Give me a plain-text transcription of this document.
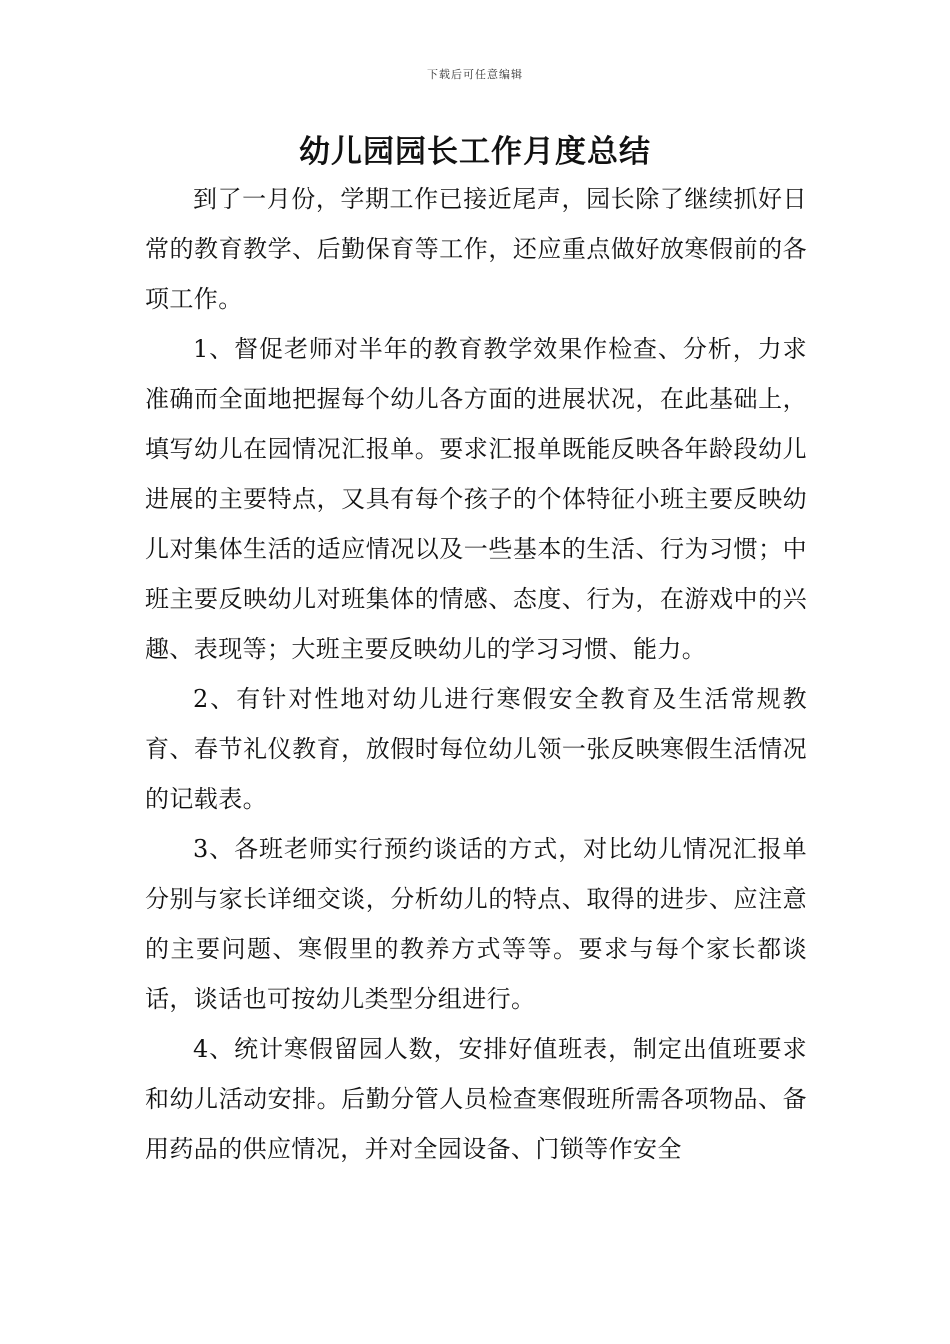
下载后可任意编辑
幼儿园园长工作月度总结

到了一月份，学期工作已接近尾声，园长除了继续抓好日常的教育教学、后勤保育等工作，还应重点做好放寒假前的各项工作。

1、督促老师对半年的教育教学效果作检查、分析，力求准确而全面地把握每个幼儿各方面的进展状况，在此基础上，填写幼儿在园情况汇报单。要求汇报单既能反映各年龄段幼儿进展的主要特点，又具有每个孩子的个体特征小班主要反映幼儿对集体生活的适应情况以及一些基本的生活、行为习惯；中班主要反映幼儿对班集体的情感、态度、行为，在游戏中的兴趣、表现等；大班主要反映幼儿的学习习惯、能力。

2、有针对性地对幼儿进行寒假安全教育及生活常规教育、春节礼仪教育，放假时每位幼儿领一张反映寒假生活情况的记载表。

3、各班老师实行预约谈话的方式，对比幼儿情况汇报单分别与家长详细交谈，分析幼儿的特点、取得的进步、应注意的主要问题、寒假里的教养方式等等。要求与每个家长都谈话，谈话也可按幼儿类型分组进行。

4、统计寒假留园人数，安排好值班表，制定出值班要求和幼儿活动安排。后勤分管人员检查寒假班所需各项物品、备用药品的供应情况，并对全园设备、门锁等作安全
